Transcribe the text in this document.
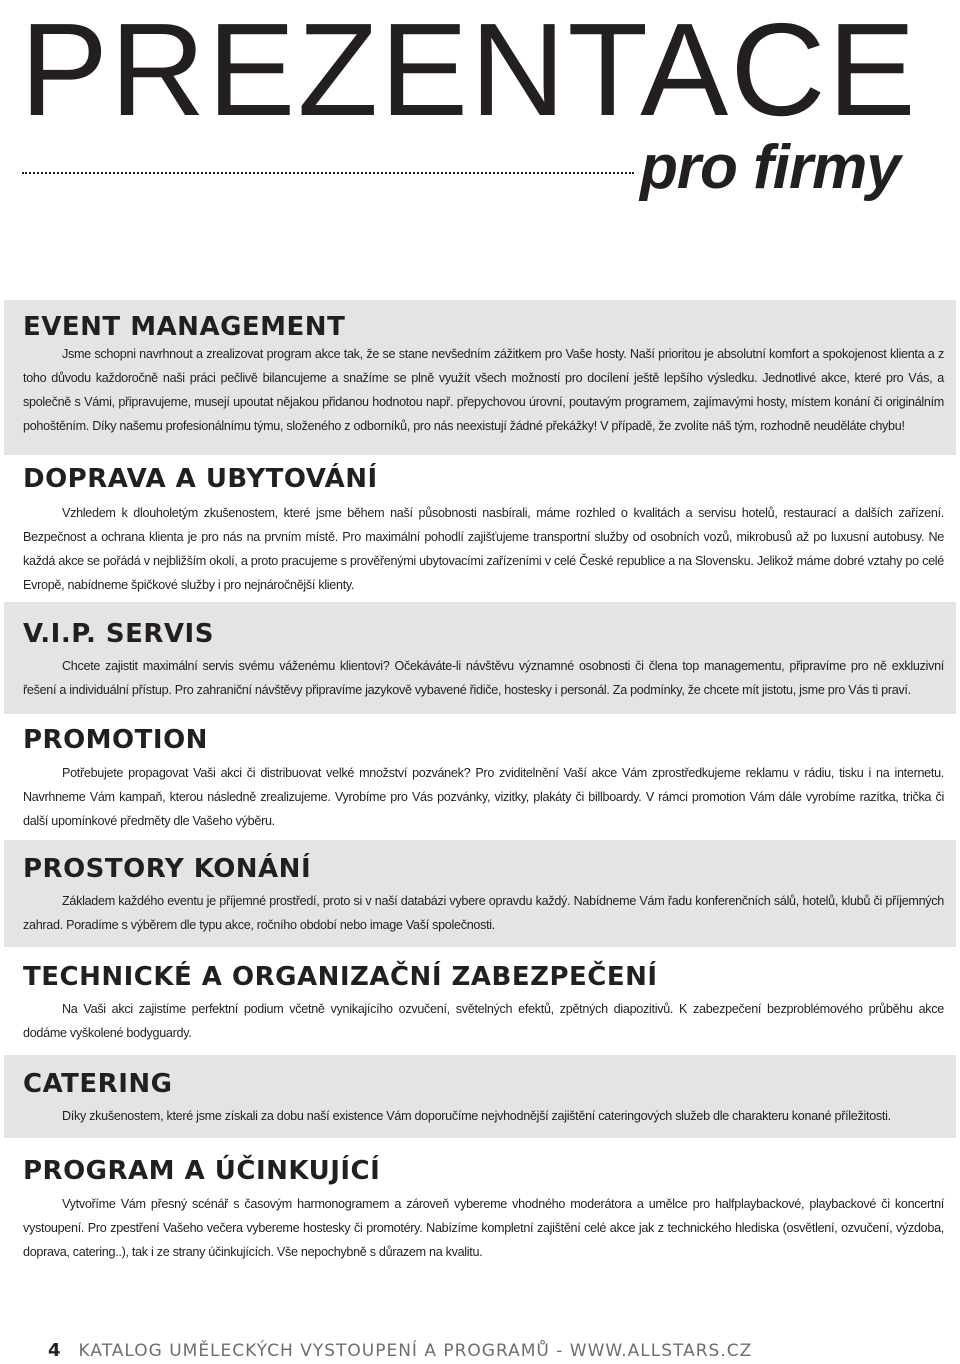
PREZENTACE
pro firmy
EVENT MANAGEMENT

Jsme schopni navrhnout a zrealizovat program akce tak, že se stane nevšedním zážitkem pro Vaše hosty. Naší prioritou je absolutní komfort a spokojenost klienta a z toho důvodu každoročně naši práci pečlivě bilancujeme a snažíme se plně využít všech možností pro docílení ještě lepšího výsledku. Jednotlivé akce, které pro Vás, a společně s Vámi, připravujeme, musejí upoutat nějakou přidanou hodnotou např. přepychovou úrovní, poutavým programem, zajímavými hosty, místem konání či originálním pohoštěním. Díky našemu profesionálnímu týmu, složeného z odborníků, pro nás neexistují žádné překážky! V případě, že zvolíte náš tým, rozhodně neuděláte chybu!

DOPRAVA A UBYTOVÁNÍ

Vzhledem k dlouholetým zkušenostem, které jsme během naší působnosti nasbírali, máme rozhled o kvalitách a servisu hotelů, restaurací a dalších zařízení. Bezpečnost a ochrana klienta je pro nás na prvním místě. Pro maximální pohodlí zajišťujeme transportní služby od osobních vozů, mikrobusů až po luxusní autobusy. Ne každá akce se pořádá v nejbližším okolí, a proto pracujeme s prověřenými ubytovacími zařízeními v celé České republice a na Slovensku. Jelikož máme dobré vztahy po celé Evropě, nabídneme špičkové služby i pro nejnáročnější klienty.

V.I.P. SERVIS

Chcete zajistit maximální servis svému váženému klientovi? Očekáváte-li návštěvu významné osobnosti či člena top managementu, připravíme pro ně exkluzivní řešení a individuální přístup. Pro zahraniční návštěvy připravíme jazykově vybavené řidiče, hostesky i personál. Za podmínky, že chcete mít jistotu, jsme pro Vás ti praví.

PROMOTION

Potřebujete propagovat Vaši akci či distribuovat velké množství pozvánek? Pro zviditelnění Vaší akce Vám zprostředkujeme reklamu v rádiu, tisku i na internetu. Navrhneme Vám kampaň, kterou následně zrealizujeme. Vyrobíme pro Vás pozvánky, vizitky, plakáty či billboardy. V rámci promotion Vám dále vyrobíme razítka, trička či další upomínkové předměty dle Vašeho výběru.

PROSTORY KONÁNÍ

Základem každého eventu je příjemné prostředí, proto si v naší databázi vybere opravdu každý. Nabídneme Vám řadu konferenčních sálů, hotelů, klubů či příjemných zahrad. Poradíme s výběrem dle typu akce, ročního období nebo image Vaší společnosti.

TECHNICKÉ A ORGANIZAČNÍ ZABEZPEČENÍ

Na Vaši akci zajistíme perfektní podium včetně vynikajícího ozvučení, světelných efektů, zpětných diapozitivů. K zabezpečení bezproblémového průběhu akce dodáme vyškolené bodyguardy.

CATERING

Díky zkušenostem, které jsme získali za dobu naší existence Vám doporučíme nejvhodnější zajištění cateringových služeb dle charakteru konané příležitosti.

PROGRAM A ÚČINKUJÍCÍ

Vytvoříme Vám přesný scénář s časovým harmonogramem a zároveň vybereme vhodného moderátora a umělce pro halfplaybackové, playbackové či koncertní vystoupení. Pro zpestření Vašeho večera vybereme hostesky či promotéry. Nabízíme kompletní zajištění celé akce jak z technického hlediska (osvětlení, ozvučení, výzdoba, doprava, catering..), tak i ze strany účinkujících. Vše nepochybně s důrazem na kvalitu.

4 KATALOG UMĚLECKÝCH VYSTOUPENÍ A PROGRAMŮ - WWW.ALLSTARS.CZ
